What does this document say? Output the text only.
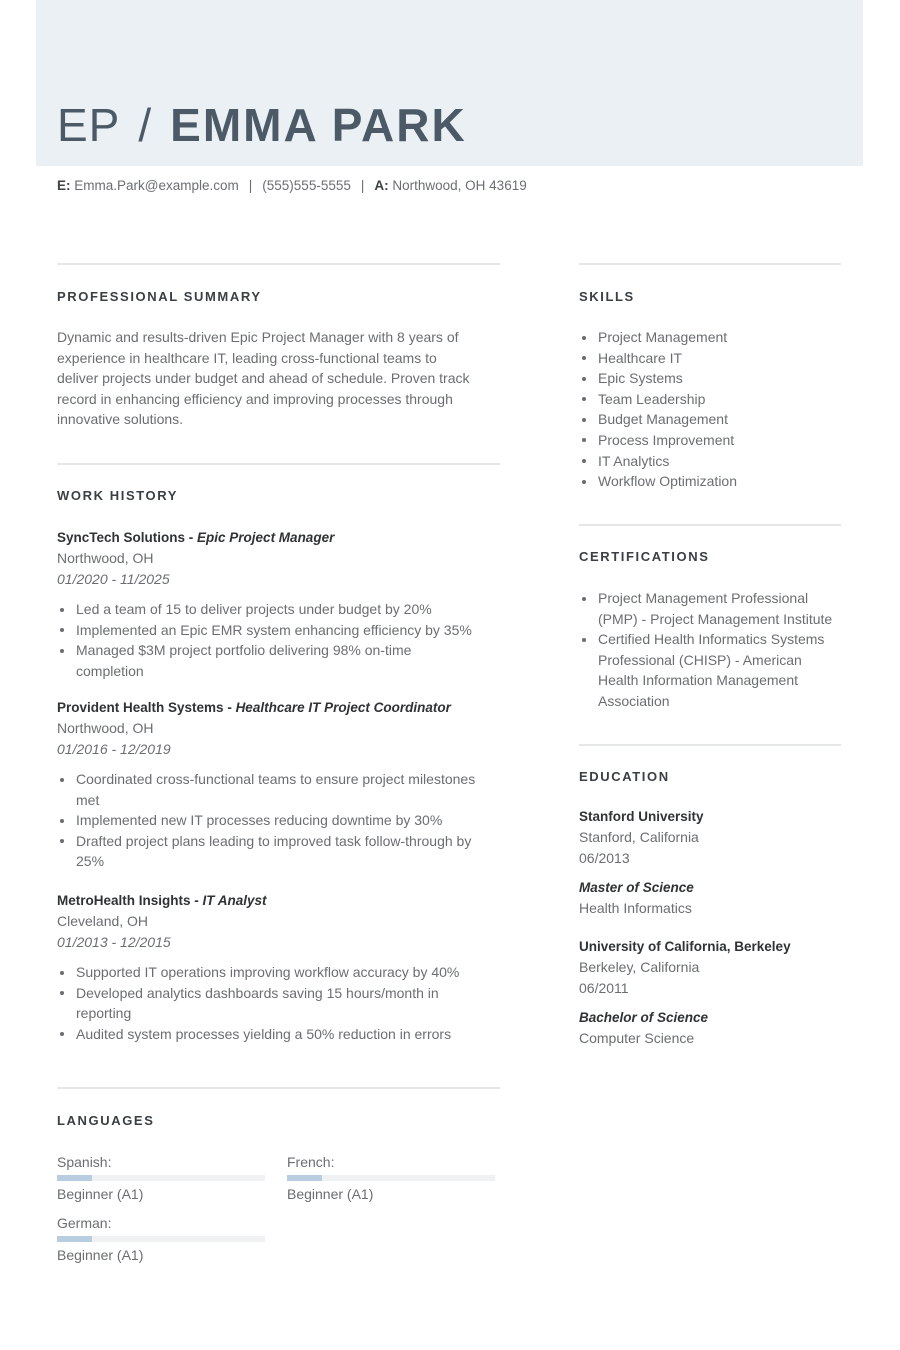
EP / EMMA PARK
E: Emma.Park@example.com | (555)555-5555 | A: Northwood, OH 43619
PROFESSIONAL SUMMARY
Dynamic and results-driven Epic Project Manager with 8 years of
experience in healthcare IT, leading cross-functional teams to
deliver projects under budget and ahead of schedule. Proven track
record in enhancing efficiency and improving processes through
innovative solutions.
WORK HISTORY
SyncTech Solutions - Epic Project Manager
Northwood, OH
01/2020 - 11/2025
Led a team of 15 to deliver projects under budget by 20%
Implemented an Epic EMR system enhancing efficiency by 35%
Managed $3M project portfolio delivering 98% on-time completion
Provident Health Systems - Healthcare IT Project Coordinator
Northwood, OH
01/2016 - 12/2019
Coordinated cross-functional teams to ensure project milestones met
Implemented new IT processes reducing downtime by 30%
Drafted project plans leading to improved task follow-through by 25%
MetroHealth Insights - IT Analyst
Cleveland, OH
01/2013 - 12/2015
Supported IT operations improving workflow accuracy by 40%
Developed analytics dashboards saving 15 hours/month in reporting
Audited system processes yielding a 50% reduction in errors
LANGUAGES
Spanish:
Beginner (A1)
French:
Beginner (A1)
German:
Beginner (A1)
SKILLS
Project Management
Healthcare IT
Epic Systems
Team Leadership
Budget Management
Process Improvement
IT Analytics
Workflow Optimization
CERTIFICATIONS
Project Management Professional (PMP) - Project Management Institute
Certified Health Informatics Systems Professional (CHISP) - American Health Information Management Association
EDUCATION
Stanford University
Stanford, California
06/2013
Master of Science
Health Informatics
University of California, Berkeley
Berkeley, California
06/2011
Bachelor of Science
Computer Science
